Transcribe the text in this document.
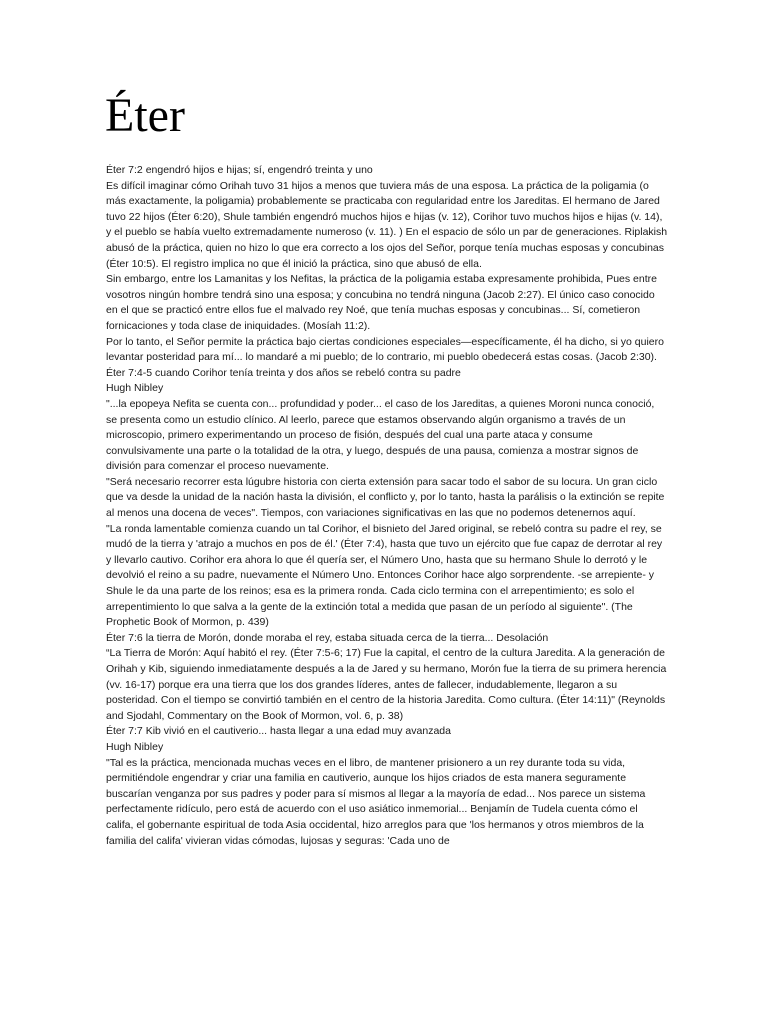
Éter

Éter 7:2 engendró hijos e hijas; sí, engendró treinta y uno

Es difícil imaginar cómo Orihah tuvo 31 hijos a menos que tuviera más de una esposa. La práctica de la poligamia (o más exactamente, la poligamia) probablemente se practicaba con regularidad entre los Jareditas. El hermano de Jared tuvo 22 hijos (Éter 6:20), Shule también engendró muchos hijos e hijas (v. 12), Corihor tuvo muchos hijos e hijas (v. 14), y el pueblo se había vuelto extremadamente numeroso (v. 11). ) En el espacio de sólo un par de generaciones. Riplakish abusó de la práctica, quien no hizo lo que era correcto a los ojos del Señor, porque tenía muchas esposas y concubinas (Éter 10:5). El registro implica no que él inició la práctica, sino que abusó de ella.

Sin embargo, entre los Lamanitas y los Nefitas, la práctica de la poligamia estaba expresamente prohibida, Pues entre vosotros ningún hombre tendrá sino una esposa; y concubina no tendrá ninguna (Jacob 2:27). El único caso conocido en el que se practicó entre ellos fue el malvado rey Noé, que tenía muchas esposas y concubinas... Sí, cometieron fornicaciones y toda clase de iniquidades. (Mosíah 11:2).

Por lo tanto, el Señor permite la práctica bajo ciertas condiciones especiales—específicamente, él ha dicho, si yo quiero levantar posteridad para mí... lo mandaré a mi pueblo; de lo contrario, mi pueblo obedecerá estas cosas. (Jacob 2:30).

Éter 7:4-5 cuando Corihor tenía treinta y dos años se rebeló contra su padre

Hugh Nibley

"...la epopeya Nefita se cuenta con... profundidad y poder... el caso de los Jareditas, a quienes Moroni nunca conoció, se presenta como un estudio clínico. Al leerlo, parece que estamos observando algún organismo a través de un microscopio, primero experimentando un proceso de fisión, después del cual una parte ataca y consume convulsivamente una parte o la totalidad de la otra, y luego, después de una pausa, comienza a mostrar signos de división para comenzar el proceso nuevamente.

"Será necesario recorrer esta lúgubre historia con cierta extensión para sacar todo el sabor de su locura. Un gran ciclo que va desde la unidad de la nación hasta la división, el conflicto y, por lo tanto, hasta la parálisis o la extinción se repite al menos una docena de veces". Tiempos, con variaciones significativas en las que no podemos detenernos aquí.

"La ronda lamentable comienza cuando un tal Corihor, el bisnieto del Jared original, se rebeló contra su padre el rey, se mudó de la tierra y 'atrajo a muchos en pos de él.' (Éter 7:4), hasta que tuvo un ejército que fue capaz de derrotar al rey y llevarlo cautivo. Corihor era ahora lo que él quería ser, el Número Uno, hasta que su hermano Shule lo derrotó y le devolvió el reino a su padre, nuevamente el Número Uno. Entonces Corihor hace algo sorprendente. -se arrepiente- y Shule le da una parte de los reinos; esa es la primera ronda. Cada ciclo termina con el arrepentimiento; es solo el arrepentimiento lo que salva a la gente de la extinción total a medida que pasan de un período al siguiente". (The Prophetic Book of Mormon, p. 439)

Éter 7:6 la tierra de Morón, donde moraba el rey, estaba situada cerca de la tierra... Desolación

“La Tierra de Morón: Aquí habitó el rey. (Éter 7:5-6; 17) Fue la capital, el centro de la cultura Jaredita. A la generación de Orihah y Kib, siguiendo inmediatamente después a la de Jared y su hermano, Morón fue la tierra de su primera herencia (vv. 16-17) porque era una tierra que los dos grandes líderes, antes de fallecer, indudablemente, llegaron a su posteridad. Con el tiempo se convirtió también en el centro de la historia Jaredita. Como cultura. (Éter 14:11)" (Reynolds and Sjodahl, Commentary on the Book of Mormon, vol. 6, p. 38)

Éter 7:7 Kib vivió en el cautiverio... hasta llegar a una edad muy avanzada

Hugh Nibley

"Tal es la práctica, mencionada muchas veces en el libro, de mantener prisionero a un rey durante toda su vida, permitiéndole engendrar y criar una familia en cautiverio, aunque los hijos criados de esta manera seguramente buscarían venganza por sus padres y poder para sí mismos al llegar a la mayoría de edad... Nos parece un sistema perfectamente ridículo, pero está de acuerdo con el uso asiático inmemorial... Benjamín de Tudela cuenta cómo el califa, el gobernante espiritual de toda Asia occidental, hizo arreglos para que 'los hermanos y otros miembros de la familia del califa' vivieran vidas cómodas, lujosas y seguras: 'Cada uno de
